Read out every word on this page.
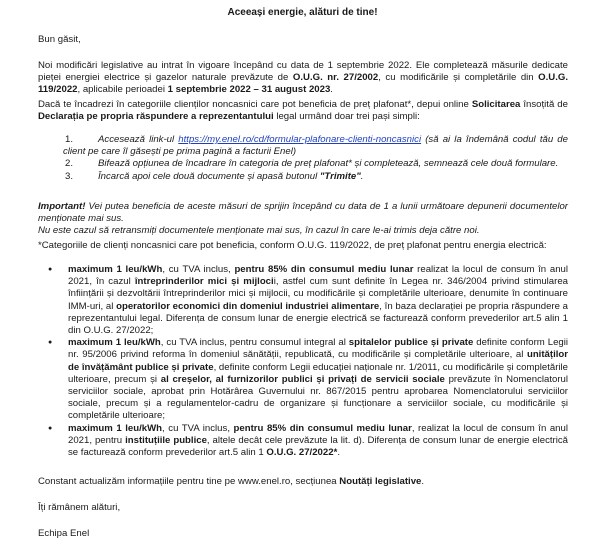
Aceeași energie, alături de tine!

Bun găsit,

Noi modificări legislative au intrat în vigoare începând cu data de 1 septembrie 2022. Ele completează măsurile dedicate pieței energiei electrice și gazelor naturale prevăzute de O.U.G. nr. 27/2002, cu modificările și completările din O.U.G. 119/2022, aplicabile perioadei 1 septembrie 2022 – 31 august 2023.

Dacă te încadrezi în categoriile clienților noncasnici care pot beneficia de preț plafonat*, depui online Solicitarea însoțită de Declarația pe propria răspundere a reprezentantului legal urmând doar trei pași simpli:

1.	Accesează link-ul https://my.enel.ro/cd/formular-plafonare-clienti-noncasnici (să ai la îndemână codul tău de client pe care îl găsești pe prima pagină a facturii Enel)

2.	Bifează opțiunea de încadrare în categoria de preț plafonat* și completează, semnează cele două formulare.

3.	Încarcă apoi cele două documente și apasă butonul "Trimite".

Important! Vei putea beneficia de aceste măsuri de sprijin începând cu data de 1 a lunii următoare depunerii documentelor menționate mai sus.

Nu este cazul să retransmiți documentele menționate mai sus, în cazul în care le-ai trimis deja către noi.

*Categoriile de clienți noncasnici care pot beneficia, conform O.U.G. 119/2022, de preț plafonat pentru energia electrică:

● maximum 1 leu/kWh, cu TVA inclus, pentru 85% din consumul mediu lunar realizat la locul de consum în anul 2021, în cazul întreprinderilor mici și mijlocii, astfel cum sunt definite în Legea nr. 346/2004 privind stimularea înființării și dezvoltării întreprinderilor mici și mijlocii, cu modificările și completările ulterioare, denumite în continuare IMM-uri, al operatorilor economici din domeniul industriei alimentare, în baza declarației pe propria răspundere a reprezentantului legal. Diferența de consum lunar de energie electrică se facturează conform prevederilor art.5 alin 1 din O.U.G. 27/2022;
● maximum 1 leu/kWh, cu TVA inclus, pentru consumul integral al spitalelor publice și private definite conform Legii nr. 95/2006 privind reforma în domeniul sănătății, republicată, cu modificările și completările ulterioare, al unităților de învățământ publice și private, definite conform Legii educației naționale nr. 1/2011, cu modificările și completările ulterioare, precum și al creșelor, al furnizorilor publici și privați de servicii sociale prevăzute în Nomenclatorul serviciilor sociale, aprobat prin Hotărârea Guvernului nr. 867/2015 pentru aprobarea Nomenclatorului serviciilor sociale, precum și a regulamentelor-cadru de organizare și funcționare a serviciilor sociale, cu modificările și completările ulterioare;
● maximum 1 leu/kWh, cu TVA inclus, pentru 85% din consumul mediu lunar, realizat la locul de consum în anul 2021, pentru instituțiile publice, altele decât cele prevăzute la lit. d). Diferența de consum lunar de energie electrică se facturează conform prevederilor art.5 alin 1 O.U.G. 27/2022*.

Constant actualizăm informațiile pentru tine pe www.enel.ro, secțiunea Noutăți legislative.

Îți rămânem alături,

Echipa Enel
